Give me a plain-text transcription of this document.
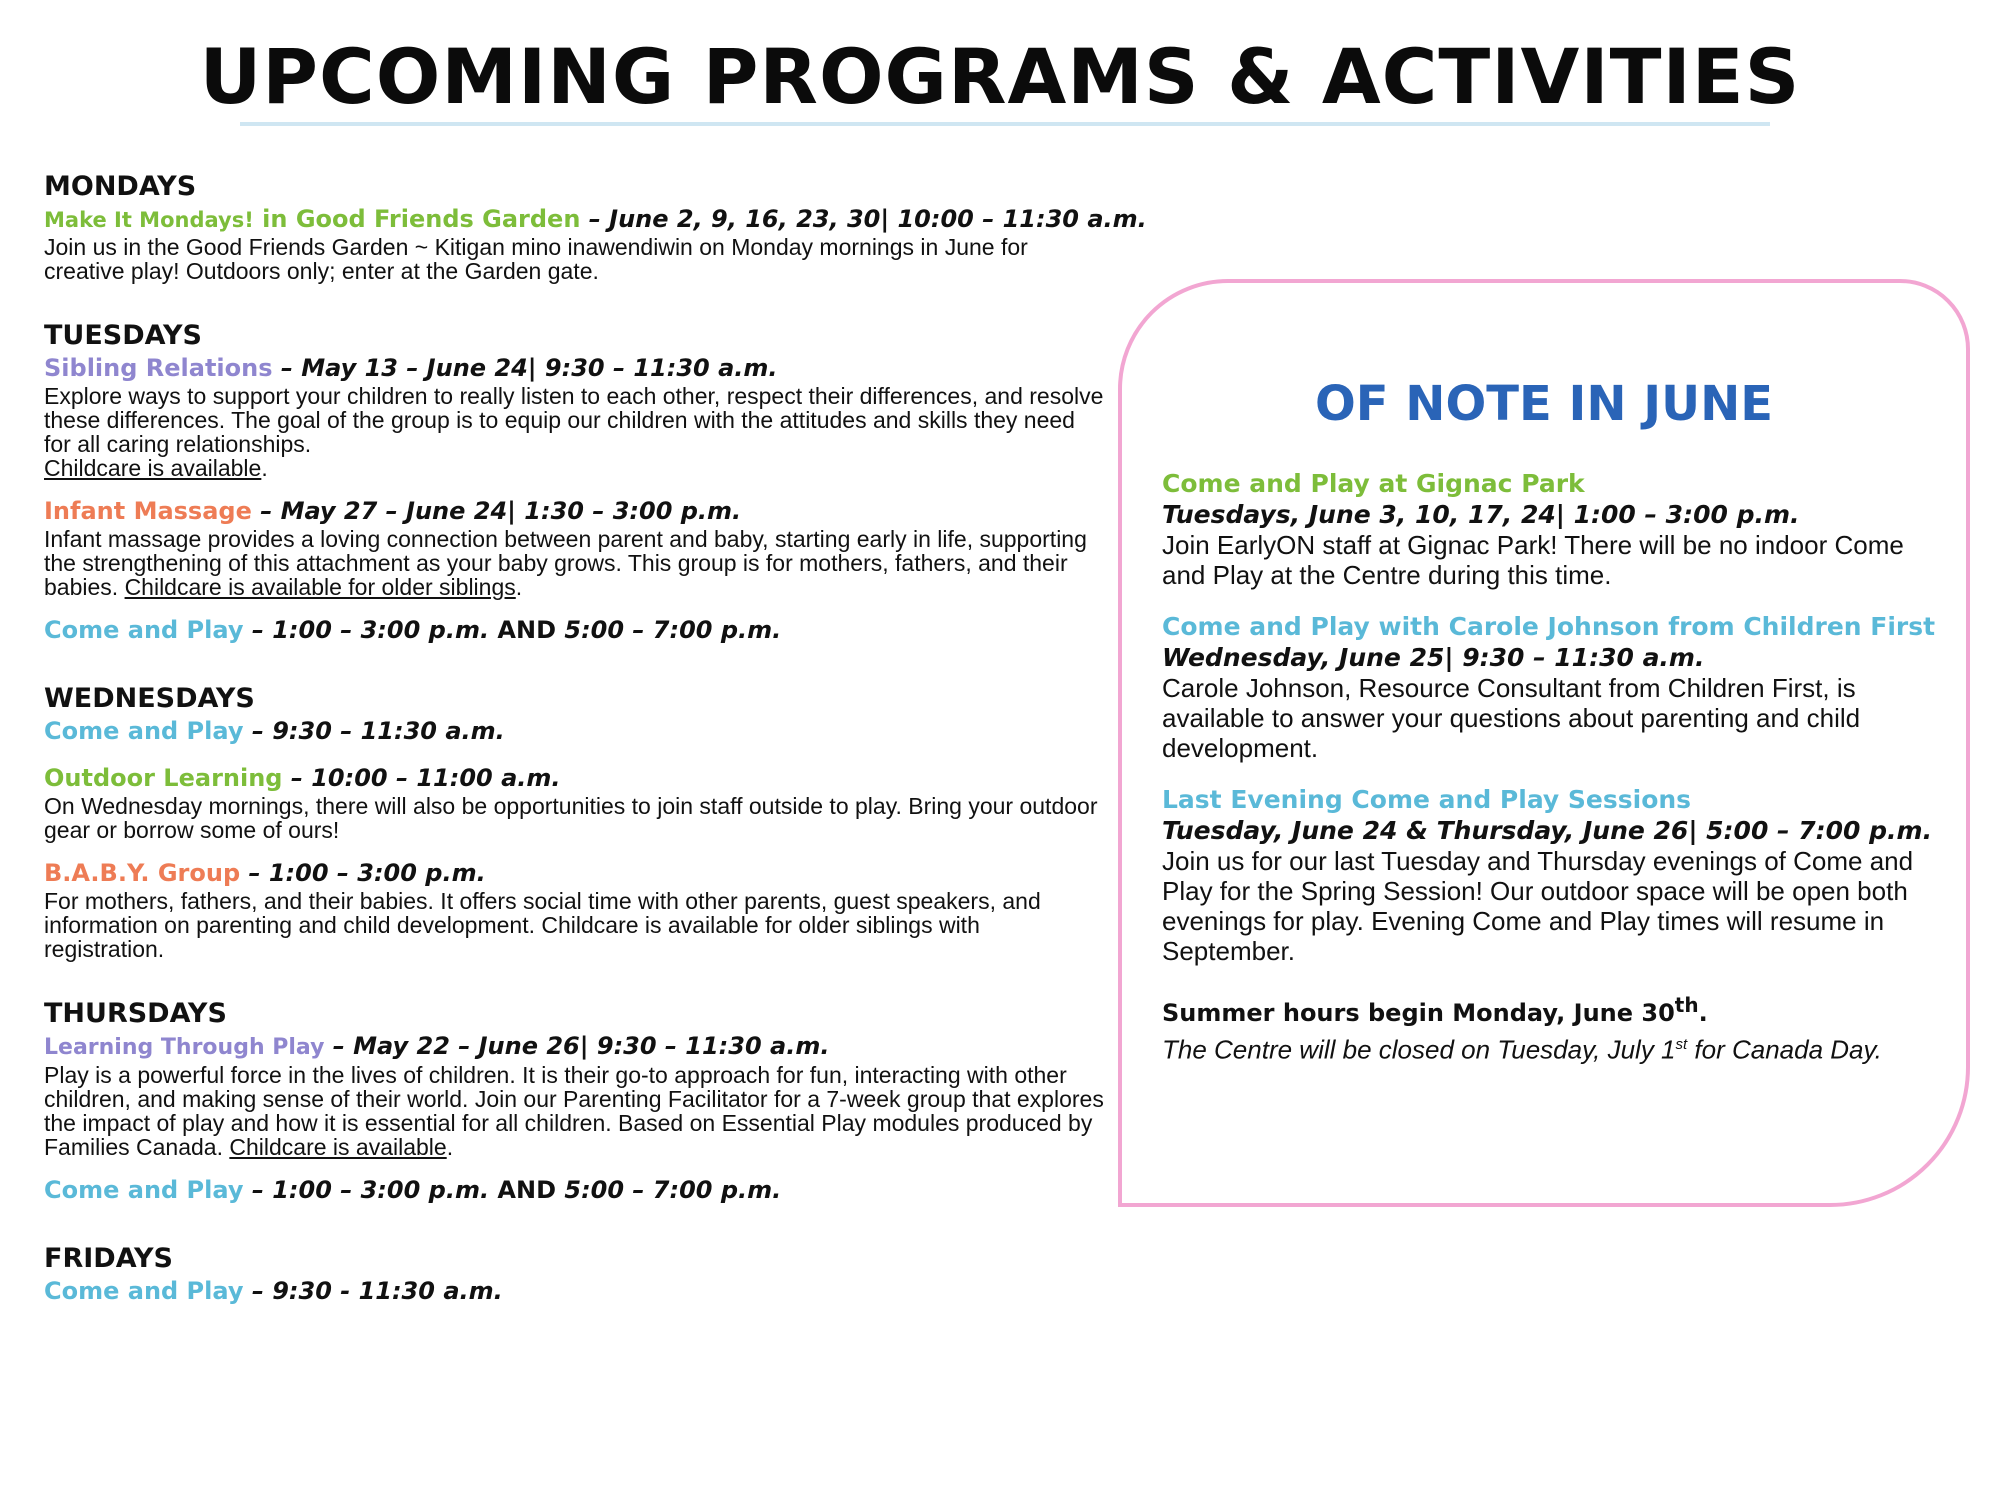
UPCOMING PROGRAMS & ACTIVITIES

MONDAYS

Make It Mondays! in Good Friends Garden – June 2, 9, 16, 23, 30| 10:00 – 11:30 a.m.

Join us in the Good Friends Garden ~ Kitigan mino inawendiwin on Monday mornings in June for creative play! Outdoors only; enter at the Garden gate.

TUESDAYS

Sibling Relations – May 13 – June 24| 9:30 – 11:30 a.m.

Explore ways to support your children to really listen to each other, respect their differences, and resolve these differences. The goal of the group is to equip our children with the attitudes and skills they need for all caring relationships.
Childcare is available.

Infant Massage – May 27 – June 24| 1:30 – 3:00 p.m.

Infant massage provides a loving connection between parent and baby, starting early in life, supporting the strengthening of this attachment as your baby grows. This group is for mothers, fathers, and their babies. Childcare is available for older siblings.

Come and Play – 1:00 – 3:00 p.m. AND 5:00 – 7:00 p.m.

WEDNESDAYS

Come and Play – 9:30 – 11:30 a.m.

Outdoor Learning – 10:00 – 11:00 a.m.

On Wednesday mornings, there will also be opportunities to join staff outside to play. Bring your outdoor gear or borrow some of ours!

B.A.B.Y. Group – 1:00 – 3:00 p.m.

For mothers, fathers, and their babies. It offers social time with other parents, guest speakers, and information on parenting and child development. Childcare is available for older siblings with registration.

THURSDAYS

Learning Through Play – May 22 – June 26| 9:30 – 11:30 a.m.

Play is a powerful force in the lives of children. It is their go-to approach for fun, interacting with other children, and making sense of their world. Join our Parenting Facilitator for a 7-week group that explores the impact of play and how it is essential for all children. Based on Essential Play modules produced by Families Canada. Childcare is available.

Come and Play – 1:00 – 3:00 p.m. AND 5:00 – 7:00 p.m.

FRIDAYS

Come and Play – 9:30 - 11:30 a.m.

OF NOTE IN JUNE

Come and Play at Gignac Park

Tuesdays, June 3, 10, 17, 24| 1:00 – 3:00 p.m.

Join EarlyON staff at Gignac Park! There will be no indoor Come and Play at the Centre during this time.

Come and Play with Carole Johnson from Children First

Wednesday, June 25| 9:30 – 11:30 a.m.

Carole Johnson, Resource Consultant from Children First, is available to answer your questions about parenting and child development.

Last Evening Come and Play Sessions

Tuesday, June 24 & Thursday, June 26| 5:00 – 7:00 p.m.

Join us for our last Tuesday and Thursday evenings of Come and Play for the Spring Session! Our outdoor space will be open both evenings for play. Evening Come and Play times will resume in September.

Summer hours begin Monday, June 30th.

The Centre will be closed on Tuesday, July 1st for Canada Day.
